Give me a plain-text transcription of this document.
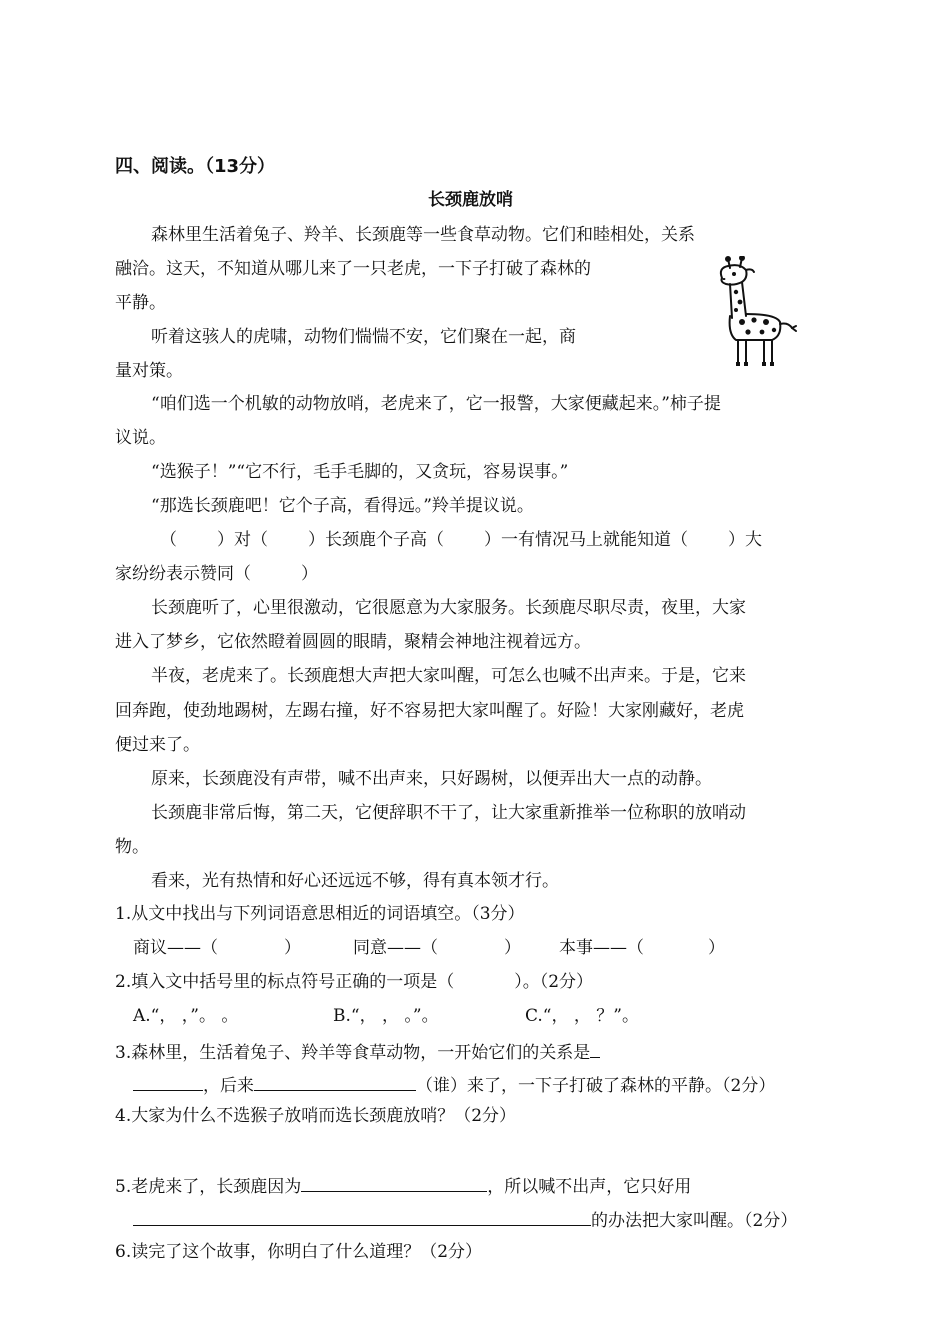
四、阅读。（13分）
长颈鹿放哨
森林里生活着兔子、羚羊、长颈鹿等一些食草动物。它们和睦相处，关系
融洽。这天，不知道从哪儿来了一只老虎，一下子打破了森林的
平静。
听着这骇人的虎啸，动物们惴惴不安，它们聚在一起，商
量对策。
“咱们选一个机敏的动物放哨，老虎来了，它一报警，大家便藏起来。”柿子提
议说。
“选猴子！”“它不行，毛手毛脚的，又贪玩，容易误事。”
“那选长颈鹿吧！它个子高，看得远。”羚羊提议说。
（ ）对（ ）长颈鹿个子高（ ）一有情况马上就能知道（ ）大
家纷纷表示赞同（	）
长颈鹿听了，心里很激动，它很愿意为大家服务。长颈鹿尽职尽责，夜里，大家
进入了梦乡，它依然瞪着圆圆的眼睛，聚精会神地注视着远方。
半夜，老虎来了。长颈鹿想大声把大家叫醒，可怎么也喊不出声来。于是，它来
回奔跑，使劲地踢树，左踢右撞，好不容易把大家叫醒了。好险！大家刚藏好，老虎
便过来了。
原来，长颈鹿没有声带，喊不出声来，只好踢树，以便弄出大一点的动静。
长颈鹿非常后悔，第二天，它便辞职不干了，让大家重新推举一位称职的放哨动
物。
看来，光有热情和好心还远远不够，得有真本领才行。
1.从文中找出与下列词语意思相近的词语填空。（3分）
商议——（	）	同意——（	） 本事——（	）
2.填入文中括号里的标点符号正确的一项是（	）。（2分）
A.“， ，”。 。	B.“， ， 。”。	C.“， ， ？”。
3.森林里，生活着兔子、羚羊等食草动物，一开始它们的关系是
，后来	（谁）来了，一下子打破了森林的平静。（2分）
4.大家为什么不选猴子放哨而选长颈鹿放哨？（2分）
5.老虎来了，长颈鹿因为	，所以喊不出声，它只好用
的办法把大家叫醒。（2分）
6.读完了这个故事，你明白了什么道理？（2分）
